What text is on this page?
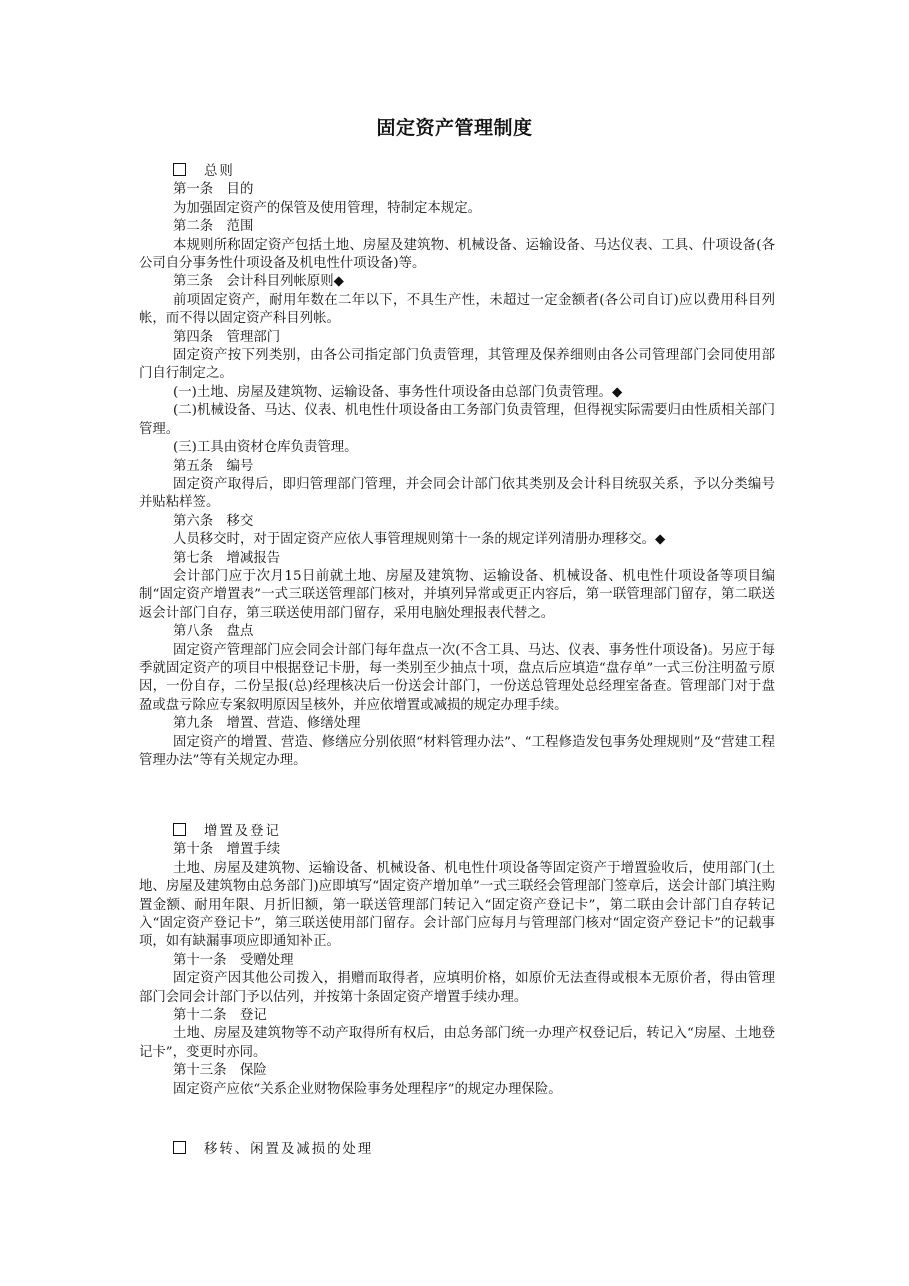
固定资产管理制度
总则
第一条　目的
为加强固定资产的保管及使用管理，特制定本规定。
第二条　范围
本规则所称固定资产包括土地、房屋及建筑物、机械设备、运输设备、马达仪表、工具、什项设备(各公司自分事务性什项设备及机电性什项设备)等。
第三条　会计科目列帐原则◆
前项固定资产，耐用年数在二年以下，不具生产性，未超过一定金额者(各公司自订)应以费用科目列帐，而不得以固定资产科目列帐。
第四条　管理部门
固定资产按下列类别，由各公司指定部门负责管理，其管理及保养细则由各公司管理部门会同使用部门自行制定之。
(一)土地、房屋及建筑物、运输设备、事务性什项设备由总部门负责管理。◆
(二)机械设备、马达、仪表、机电性什项设备由工务部门负责管理，但得视实际需要归由性质相关部门管理。
(三)工具由资材仓库负责管理。
第五条　编号
固定资产取得后，即归管理部门管理，并会同会计部门依其类别及会计科目统驭关系，予以分类编号并贴粘样签。
第六条　移交
人员移交时，对于固定资产应依人事管理规则第十一条的规定详列清册办理移交。◆
第七条　增减报告
会计部门应于次月15日前就土地、房屋及建筑物、运输设备、机械设备、机电性什项设备等项目编制“固定资产增置表”一式三联送管理部门核对，并填列异常或更正内容后，第一联管理部门留存，第二联送返会计部门自存，第三联送使用部门留存，采用电脑处理报表代替之。
第八条　盘点
固定资产管理部门应会同会计部门每年盘点一次(不含工具、马达、仪表、事务性什项设备)。另应于每季就固定资产的项目中根据登记卡册，每一类别至少抽点十项，盘点后应填造“盘存单”一式三份注明盈亏原因，一份自存，二份呈报(总)经理核决后一份送会计部门，一份送总管理处总经理室备查。管理部门对于盘盈或盘亏除应专案叙明原因呈核外，并应依增置或减损的规定办理手续。
第九条　增置、营造、修缮处理
固定资产的增置、营造、修缮应分别依照“材料管理办法”、“工程修造发包事务处理规则”及“营建工程管理办法”等有关规定办理。
增置及登记
第十条　增置手续
土地、房屋及建筑物、运输设备、机械设备、机电性什项设备等固定资产于增置验收后，使用部门(土地、房屋及建筑物由总务部门)应即填写“固定资产增加单”一式三联经会管理部门签章后，送会计部门填注购置金额、耐用年限、月折旧额，第一联送管理部门转记入“固定资产登记卡”，第二联由会计部门自存转记入“固定资产登记卡”，第三联送使用部门留存。会计部门应每月与管理部门核对“固定资产登记卡”的记载事项，如有缺漏事项应即通知补正。
第十一条　受赠处理
固定资产因其他公司拨入，捐赠而取得者，应填明价格，如原价无法查得或根本无原价者，得由管理部门会同会计部门予以估列，并按第十条固定资产增置手续办理。
第十二条　登记
土地、房屋及建筑物等不动产取得所有权后，由总务部门统一办理产权登记后，转记入“房屋、土地登记卡”，变更时亦同。
第十三条　保险
固定资产应依“关系企业财物保险事务处理程序”的规定办理保险。
移转、闲置及减损的处理
